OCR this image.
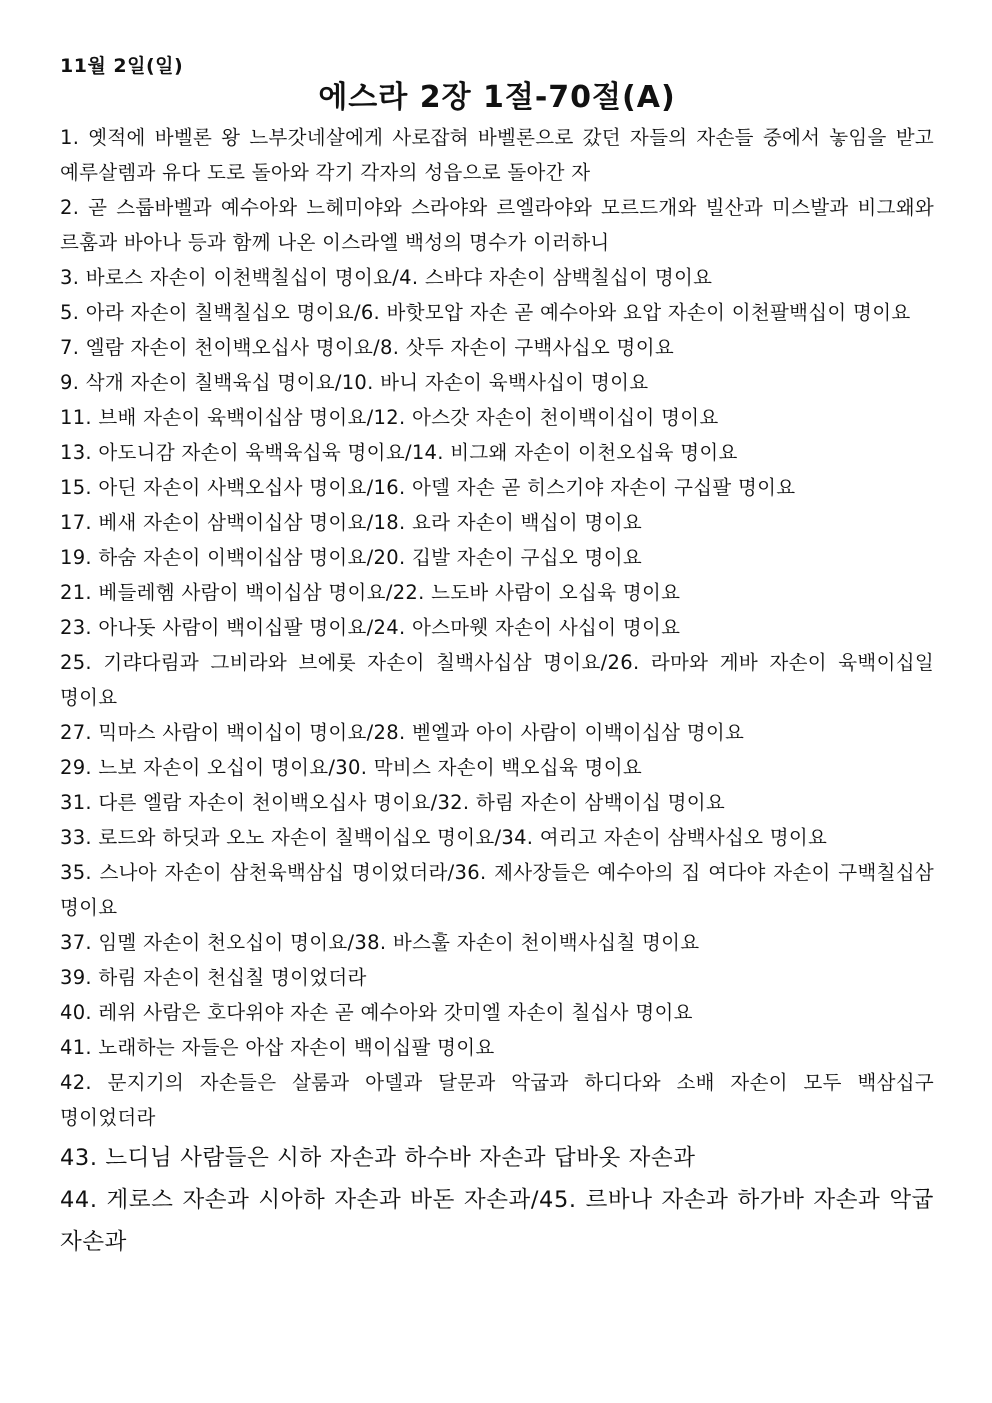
11월 2일(일)

에스라 2장 1절-70절(A)

1. 옛적에 바벨론 왕 느부갓네살에게 사로잡혀 바벨론으로 갔던 자들의 자손들 중에서 놓임을 받고 예루살렘과 유다 도로 돌아와 각기 각자의 성읍으로 돌아간 자

2. 곧 스룹바벨과 예수아와 느헤미야와 스라야와 르엘라야와 모르드개와 빌산과 미스발과 비그왜와 르훔과 바아나 등과 함께 나온 이스라엘 백성의 명수가 이러하니

3. 바로스 자손이 이천백칠십이 명이요/4. 스바댜 자손이 삼백칠십이 명이요

5. 아라 자손이 칠백칠십오 명이요/6. 바핫모압 자손 곧 예수아와 요압 자손이 이천팔백십이 명이요

7. 엘람 자손이 천이백오십사 명이요/8. 삿두 자손이 구백사십오 명이요

9. 삭개 자손이 칠백육십 명이요/10. 바니 자손이 육백사십이 명이요

11. 브배 자손이 육백이십삼 명이요/12. 아스갓 자손이 천이백이십이 명이요

13. 아도니감 자손이 육백육십육 명이요/14. 비그왜 자손이 이천오십육 명이요

15. 아딘 자손이 사백오십사 명이요/16. 아델 자손 곧 히스기야 자손이 구십팔 명이요

17. 베새 자손이 삼백이십삼 명이요/18. 요라 자손이 백십이 명이요

19. 하숨 자손이 이백이십삼 명이요/20. 깁발 자손이 구십오 명이요

21. 베들레헴 사람이 백이십삼 명이요/22. 느도바 사람이 오십육 명이요

23. 아나돗 사람이 백이십팔 명이요/24. 아스마웻 자손이 사십이 명이요

25. 기랴다림과 그비라와 브에롯 자손이 칠백사십삼 명이요/26. 라마와 게바 자손이 육백이십일 명이요

27. 믹마스 사람이 백이십이 명이요/28. 벧엘과 아이 사람이 이백이십삼 명이요

29. 느보 자손이 오십이 명이요/30. 막비스 자손이 백오십육 명이요

31. 다른 엘람 자손이 천이백오십사 명이요/32. 하림 자손이 삼백이십 명이요

33. 로드와 하딧과 오노 자손이 칠백이십오 명이요/34. 여리고 자손이 삼백사십오 명이요

35. 스나아 자손이 삼천육백삼십 명이었더라/36. 제사장들은 예수아의 집 여다야 자손이 구백칠십삼 명이요

37. 임멜 자손이 천오십이 명이요/38. 바스훌 자손이 천이백사십칠 명이요

39. 하림 자손이 천십칠 명이었더라

40. 레위 사람은 호다위야 자손 곧 예수아와 갓미엘 자손이 칠십사 명이요

41. 노래하는 자들은 아삽 자손이 백이십팔 명이요

42. 문지기의 자손들은 살룸과 아델과 달문과 악굽과 하디다와 소배 자손이 모두 백삼십구 명이었더라

43. 느디님 사람들은 시하 자손과 하수바 자손과 답바옷 자손과

44. 게로스 자손과 시아하 자손과 바돈 자손과/45. 르바나 자손과 하가바 자손과 악굽 자손과
